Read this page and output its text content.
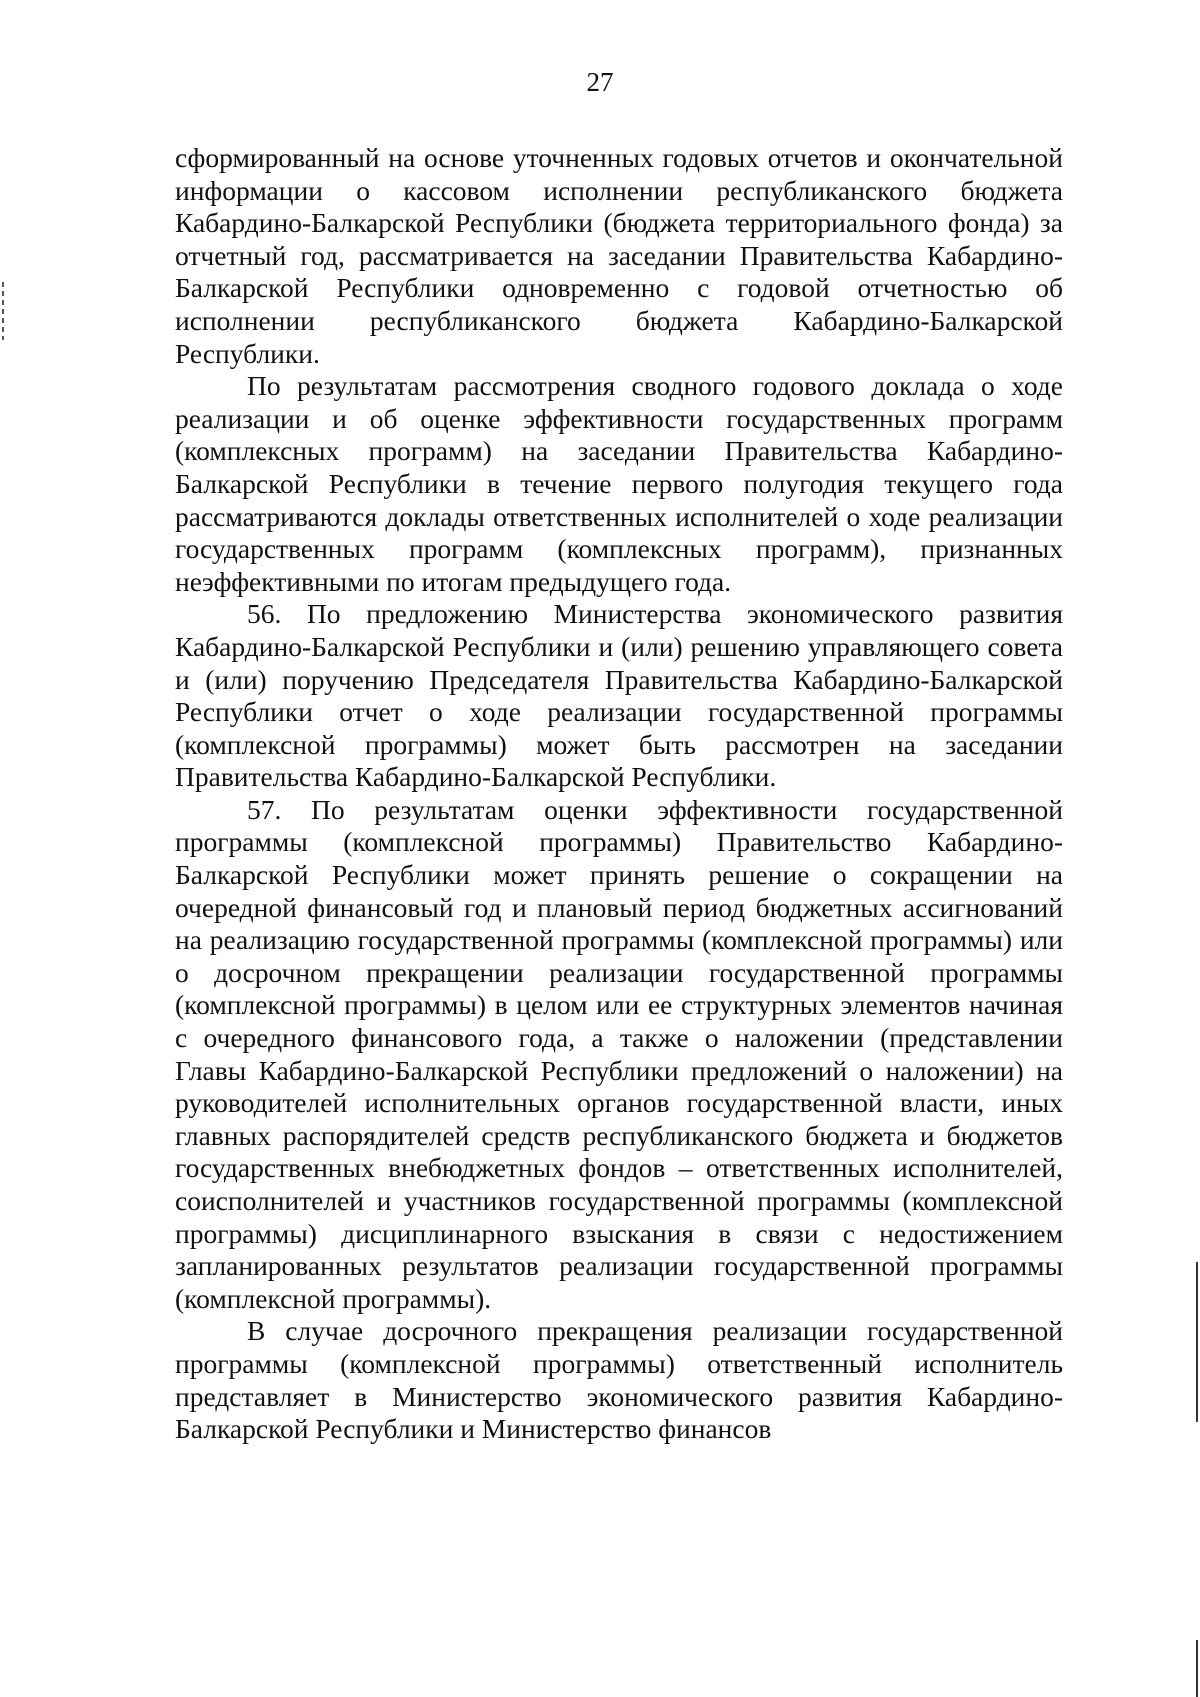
27

сформированный на основе уточненных годовых отчетов и окончательной информации о кассовом исполнении республиканского бюджета Кабардино-Балкарской Республики (бюджета территориального фонда) за отчетный год, рассматривается на заседании Правительства Кабардино-Балкарской Республики одновременно с годовой отчетностью об исполнении республиканского бюджета Кабардино-Балкарской Республики.

По результатам рассмотрения сводного годового доклада о ходе реализации и об оценке эффективности государственных программ (комплексных программ) на заседании Правительства Кабардино-Балкарской Республики в течение первого полугодия текущего года рассматриваются доклады ответственных исполнителей о ходе реализации государственных программ (комплексных программ), признанных неэффективными по итогам предыдущего года.

56. По предложению Министерства экономического развития Кабардино-Балкарской Республики и (или) решению управляющего совета и (или) поручению Председателя Правительства Кабардино-Балкарской Республики отчет о ходе реализации государственной программы (комплексной программы) может быть рассмотрен на заседании Правительства Кабардино-Балкарской Республики.

57. По результатам оценки эффективности государственной программы (комплексной программы) Правительство Кабардино-Балкарской Республики может принять решение о сокращении на очередной финансовый год и плановый период бюджетных ассигнований на реализацию государственной программы (комплексной программы) или о досрочном прекращении реализации государственной программы (комплексной программы) в целом или ее структурных элементов начиная с очередного финансового года, а также о наложении (представлении Главы Кабардино-Балкарской Республики предложений о наложении) на руководителей исполнительных органов государственной власти, иных главных распорядителей средств республиканского бюджета и бюджетов государственных внебюджетных фондов – ответственных исполнителей, соисполнителей и участников государственной программы (комплексной программы) дисциплинарного взыскания в связи с недостижением запланированных результатов реализации государственной программы (комплексной программы).

В случае досрочного прекращения реализации государственной программы (комплексной программы) ответственный исполнитель представляет в Министерство экономического развития Кабардино-Балкарской Республики и Министерство финансов
